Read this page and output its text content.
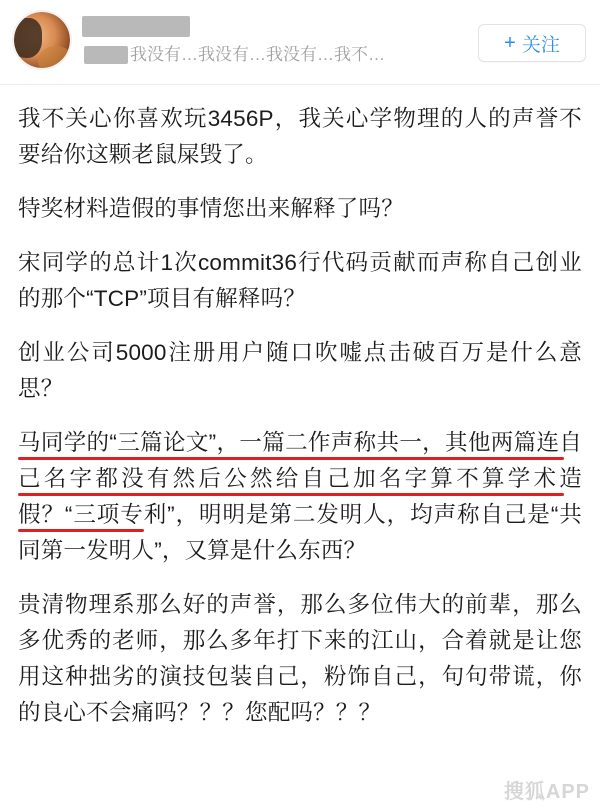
我没有…我没有…我没有…我不…
+ 关注

我不关心你喜欢玩3456P，我关心学物理的人的声誉不要给你这颗老鼠屎毁了。

特奖材料造假的事情您出来解释了吗？

宋同学的总计1次commit36行代码贡献而声称自己创业的那个“TCP”项目有解释吗？

创业公司5000注册用户随口吹嘘点击破百万是什么意思？

马同学的“三篇论文”，一篇二作声称共一，其他两篇连自己名字都没有然后公然给自己加名字算不算学术造假？“三项专利”，明明是第二发明人，均声称自己是“共同第一发明人”，又算是什么东西？

贵清物理系那么好的声誉，那么多位伟大的前辈，那么多优秀的老师，那么多年打下来的江山，合着就是让您用这种拙劣的演技包装自己，粉饰自己，句句带谎，你的良心不会痛吗？？？您配吗？？？

搜狐APP
